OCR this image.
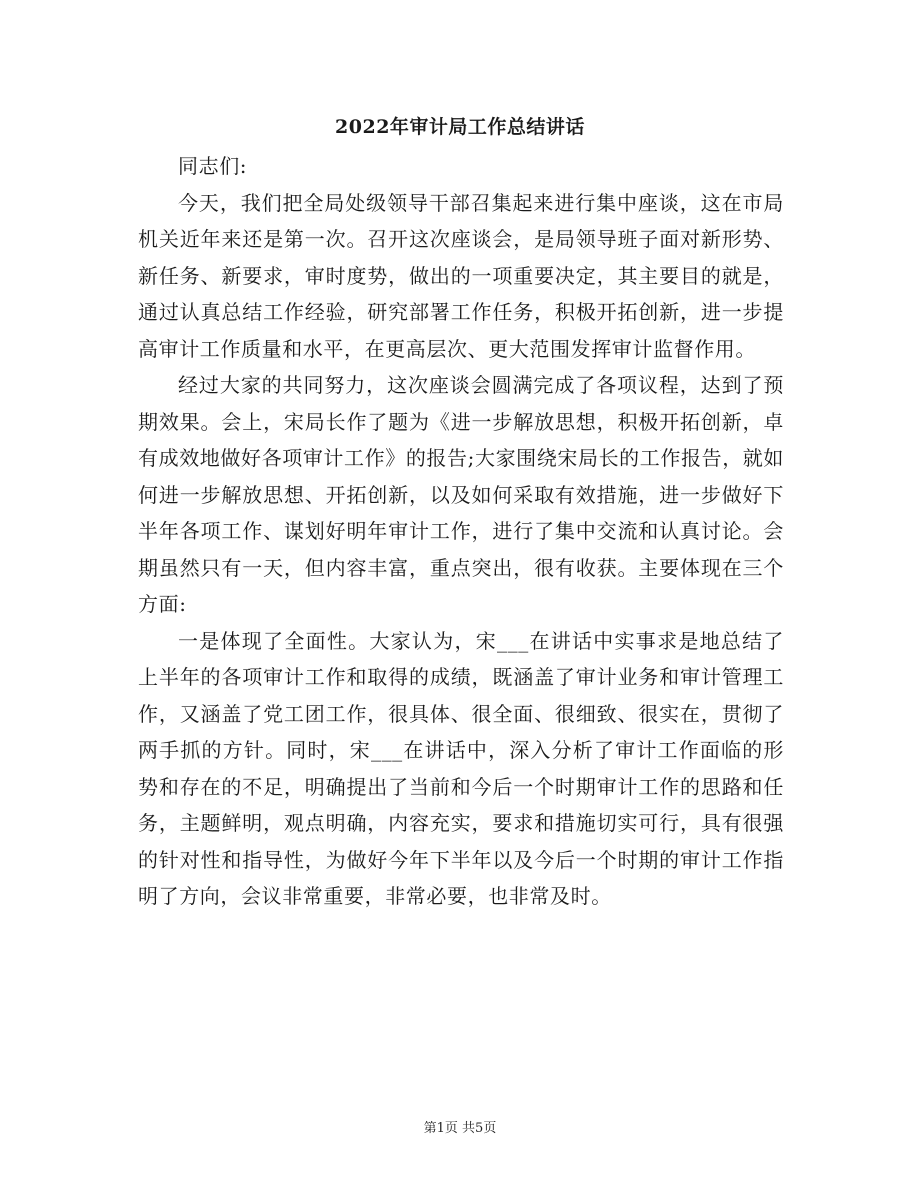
2022年审计局工作总结讲话

同志们:

今天，我们把全局处级领导干部召集起来进行集中座谈，这在市局机关近年来还是第一次。召开这次座谈会，是局领导班子面对新形势、新任务、新要求，审时度势，做出的一项重要决定，其主要目的就是，通过认真总结工作经验，研究部署工作任务，积极开拓创新，进一步提高审计工作质量和水平，在更高层次、更大范围发挥审计监督作用。

经过大家的共同努力，这次座谈会圆满完成了各项议程，达到了预期效果。会上，宋局长作了题为《进一步解放思想，积极开拓创新，卓有成效地做好各项审计工作》的报告;大家围绕宋局长的工作报告，就如何进一步解放思想、开拓创新，以及如何采取有效措施，进一步做好下半年各项工作、谋划好明年审计工作，进行了集中交流和认真讨论。会期虽然只有一天，但内容丰富，重点突出，很有收获。主要体现在三个方面:

一是体现了全面性。大家认为，宋___在讲话中实事求是地总结了上半年的各项审计工作和取得的成绩，既涵盖了审计业务和审计管理工作，又涵盖了党工团工作，很具体、很全面、很细致、很实在，贯彻了两手抓的方针。同时，宋___在讲话中，深入分析了审计工作面临的形势和存在的不足，明确提出了当前和今后一个时期审计工作的思路和任务，主题鲜明，观点明确，内容充实，要求和措施切实可行，具有很强的针对性和指导性，为做好今年下半年以及今后一个时期的审计工作指明了方向，会议非常重要，非常必要，也非常及时。

第1页 共5页
